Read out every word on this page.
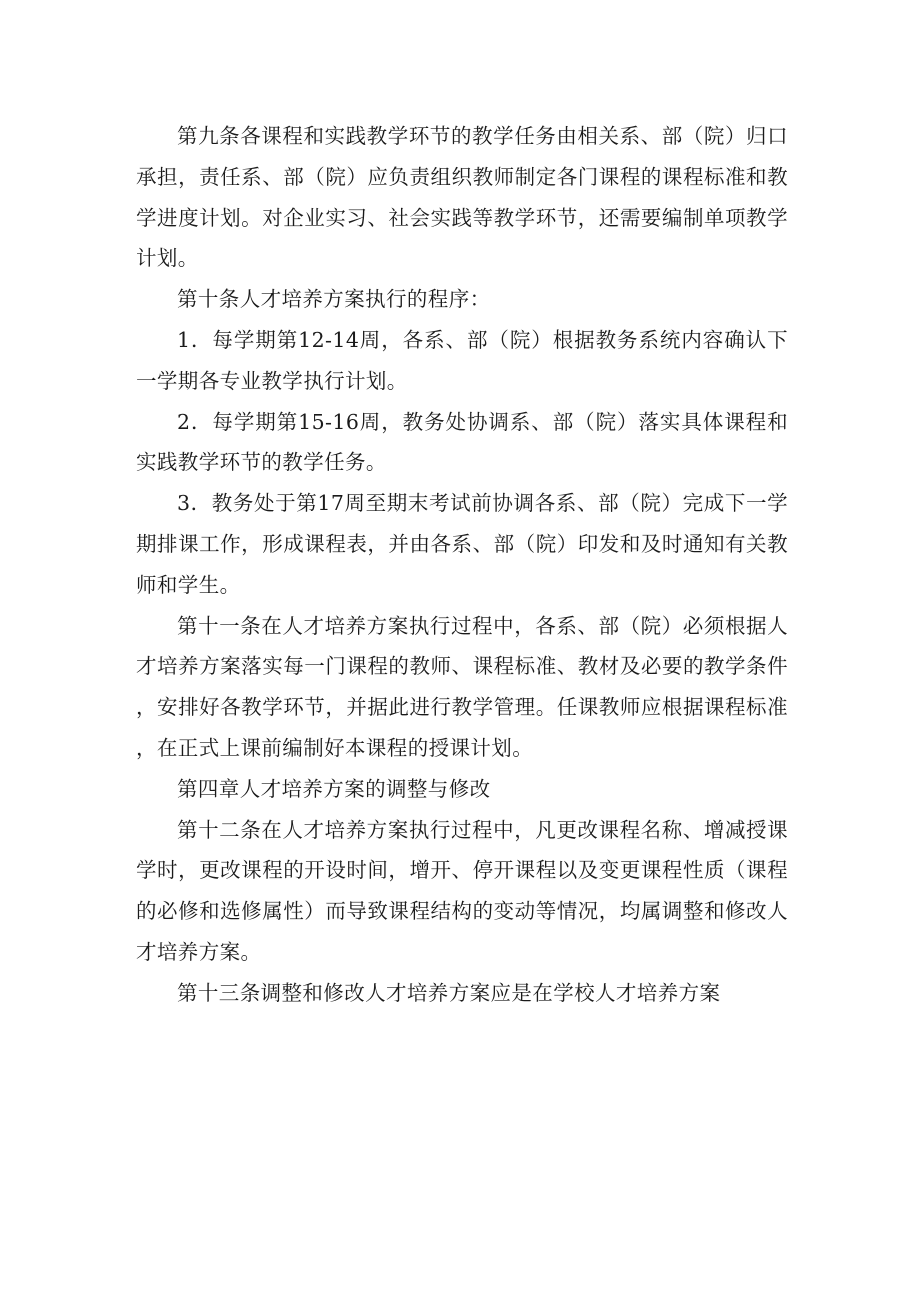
第九条各课程和实践教学环节的教学任务由相关系、部（院）归口承担，责任系、部（院）应负责组织教师制定各门课程的课程标准和教学进度计划。对企业实习、社会实践等教学环节，还需要编制单项教学计划。

第十条人才培养方案执行的程序：

1．每学期第12-14周，各系、部（院）根据教务系统内容确认下一学期各专业教学执行计划。

2．每学期第15-16周，教务处协调系、部（院）落实具体课程和实践教学环节的教学任务。

3．教务处于第17周至期末考试前协调各系、部（院）完成下一学期排课工作，形成课程表，并由各系、部（院）印发和及时通知有关教师和学生。

第十一条在人才培养方案执行过程中，各系、部（院）必须根据人才培养方案落实每一门课程的教师、课程标准、教材及必要的教学条件，安排好各教学环节，并据此进行教学管理。任课教师应根据课程标准，在正式上课前编制好本课程的授课计划。

第四章人才培养方案的调整与修改

第十二条在人才培养方案执行过程中，凡更改课程名称、增减授课学时，更改课程的开设时间，增开、停开课程以及变更课程性质（课程的必修和选修属性）而导致课程结构的变动等情况，均属调整和修改人才培养方案。

第十三条调整和修改人才培养方案应是在学校人才培养方案
